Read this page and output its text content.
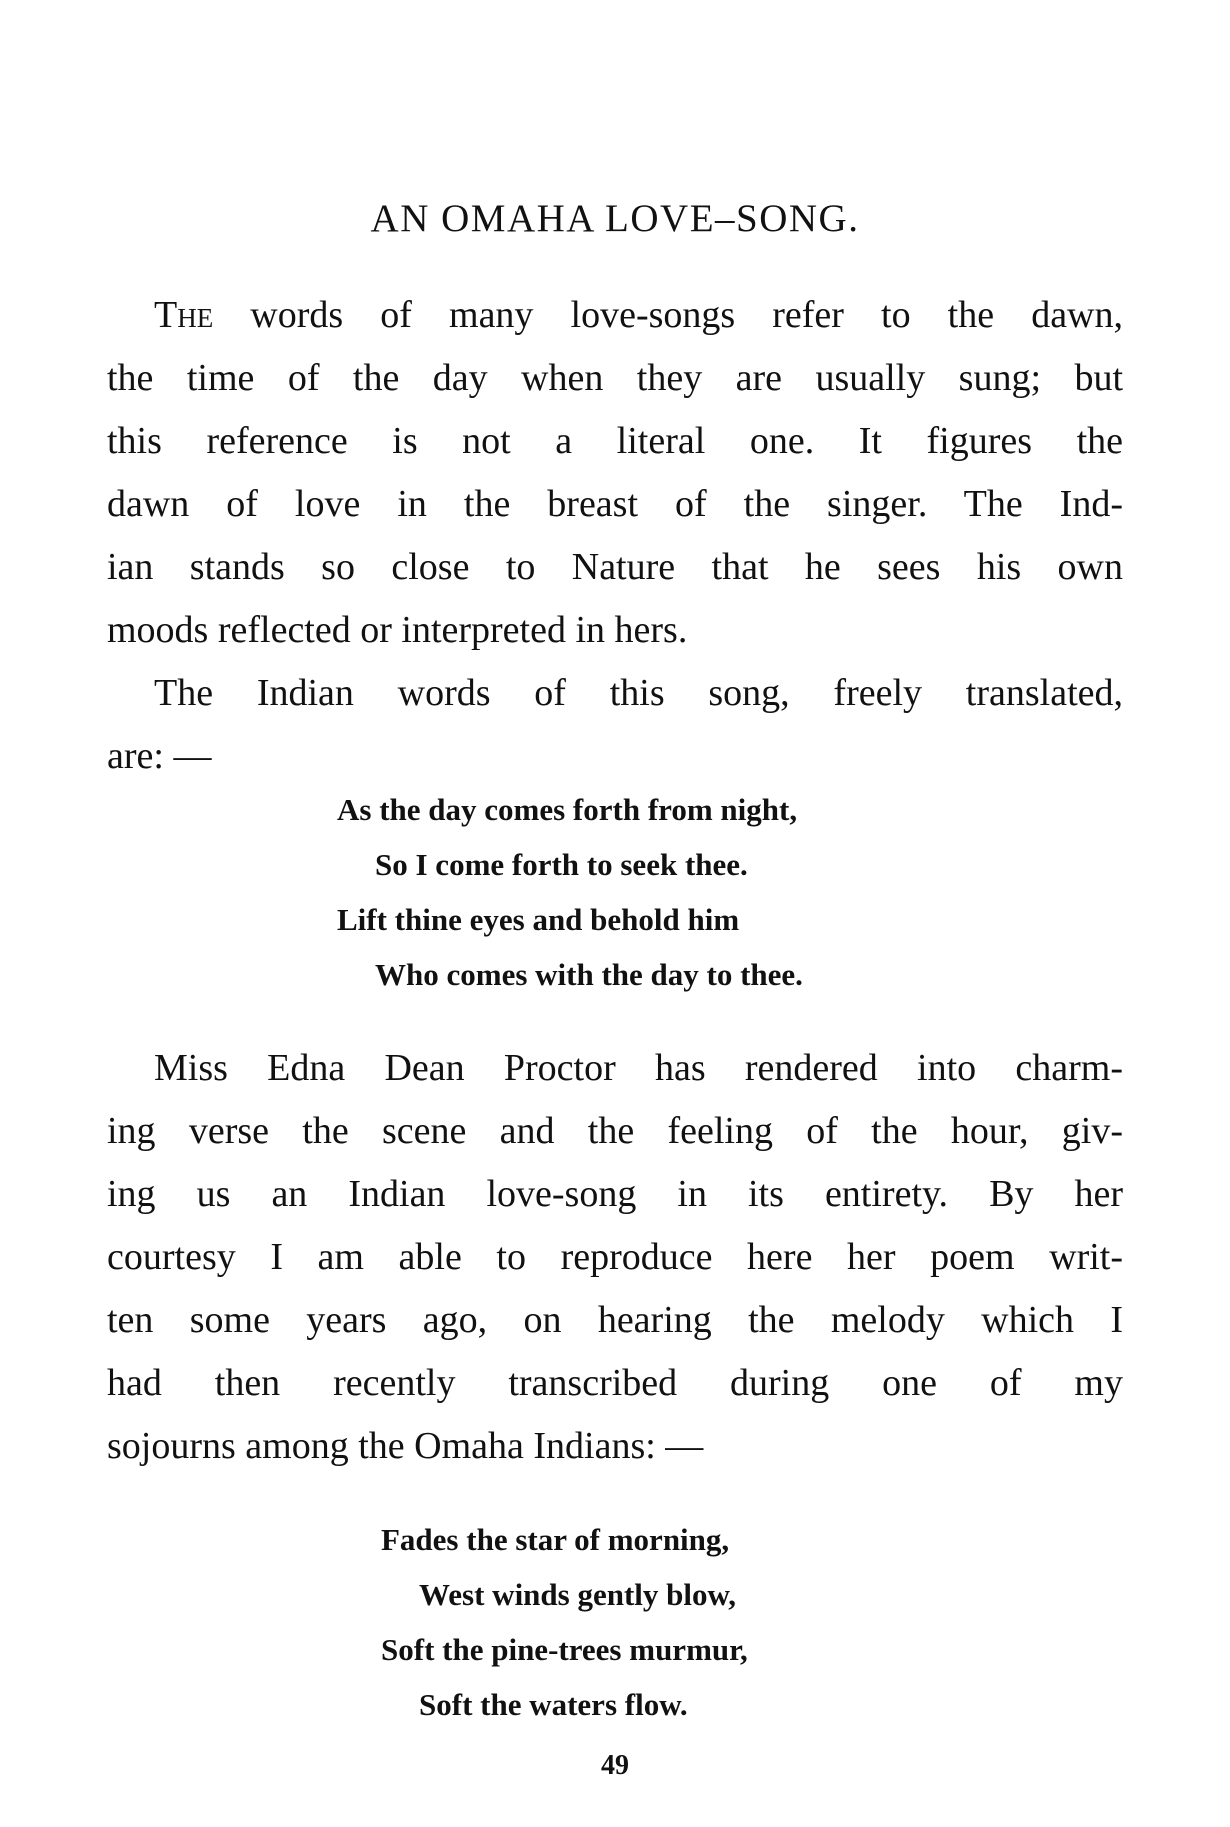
AN OMAHA LOVE–SONG.
The words of many love-songs refer to the dawn,
the time of the day when they are usually sung; but
this reference is not a literal one. It figures the
dawn of love in the breast of the singer. The Ind-
ian stands so close to Nature that he sees his own
moods reflected or interpreted in hers.
The Indian words of this song, freely translated,
are: —
As the day comes forth from night,
So I come forth to seek thee.
Lift thine eyes and behold him
Who comes with the day to thee.
Miss Edna Dean Proctor has rendered into charm-
ing verse the scene and the feeling of the hour, giv-
ing us an Indian love-song in its entirety. By her
courtesy I am able to reproduce here her poem writ-
ten some years ago, on hearing the melody which I
had then recently transcribed during one of my
sojourns among the Omaha Indians: —
Fades the star of morning,
West winds gently blow,
Soft the pine-trees murmur,
Soft the waters flow.
49
